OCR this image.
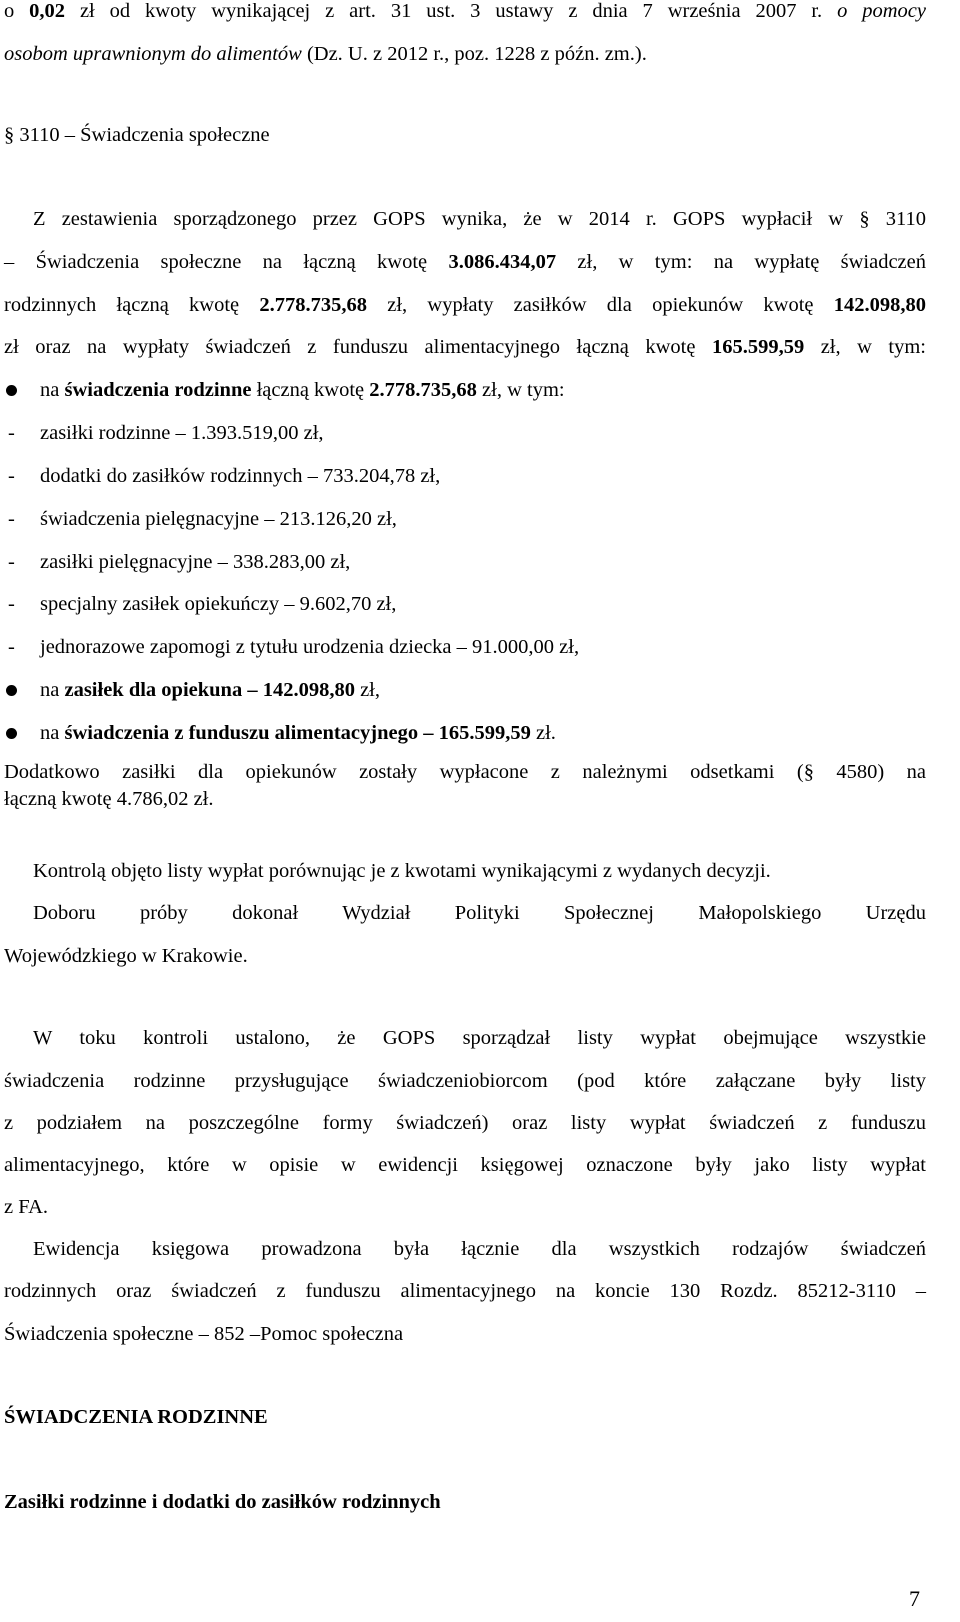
o 0,02 zł od kwoty wynikającej z art. 31 ust. 3 ustawy z dnia 7 września 2007 r. o pomocy

osobom uprawnionym do alimentów (Dz. U. z 2012 r., poz. 1228 z późn. zm.).

§ 3110 – Świadczenia społeczne

Z zestawienia sporządzonego przez GOPS wynika, że w 2014 r. GOPS wypłacił w § 3110

– Świadczenia społeczne na łączną kwotę 3.086.434,07 zł, w tym: na wypłatę świadczeń

rodzinnych łączną kwotę 2.778.735,68 zł, wypłaty zasiłków dla opiekunów kwotę 142.098,80

zł oraz na wypłaty świadczeń z funduszu alimentacyjnego łączną kwotę 165.599,59 zł, w tym:

na świadczenia rodzinne łączną kwotę 2.778.735,68 zł, w tym:

- zasiłki rodzinne – 1.393.519,00 zł,

- dodatki do zasiłków rodzinnych – 733.204,78 zł,

- świadczenia pielęgnacyjne – 213.126,20 zł,

- zasiłki pielęgnacyjne – 338.283,00 zł,

- specjalny zasiłek opiekuńczy – 9.602,70 zł,

- jednorazowe zapomogi z tytułu urodzenia dziecka – 91.000,00 zł,

na zasiłek dla opiekuna – 142.098,80 zł,

na świadczenia z funduszu alimentacyjnego – 165.599,59 zł.

Dodatkowo zasiłki dla opiekunów zostały wypłacone z należnymi odsetkami (§ 4580) na

łączną kwotę 4.786,02 zł.

Kontrolą objęto listy wypłat porównując je z kwotami wynikającymi z wydanych decyzji.

Doboru próby dokonał Wydział Polityki Społecznej Małopolskiego Urzędu

Wojewódzkiego w Krakowie.

W toku kontroli ustalono, że GOPS sporządzał listy wypłat obejmujące wszystkie

świadczenia rodzinne przysługujące świadczeniobiorcom (pod które załączane były listy

z podziałem na poszczególne formy świadczeń) oraz listy wypłat świadczeń z funduszu

alimentacyjnego, które w opisie w ewidencji księgowej oznaczone były jako listy wypłat

z FA.

Ewidencja księgowa prowadzona była łącznie dla wszystkich rodzajów świadczeń

rodzinnych oraz świadczeń z funduszu alimentacyjnego na koncie 130 Rozdz. 85212-3110 –

Świadczenia społeczne – 852 –Pomoc społeczna

ŚWIADCZENIA RODZINNE

Zasiłki rodzinne i dodatki do zasiłków rodzinnych

7
